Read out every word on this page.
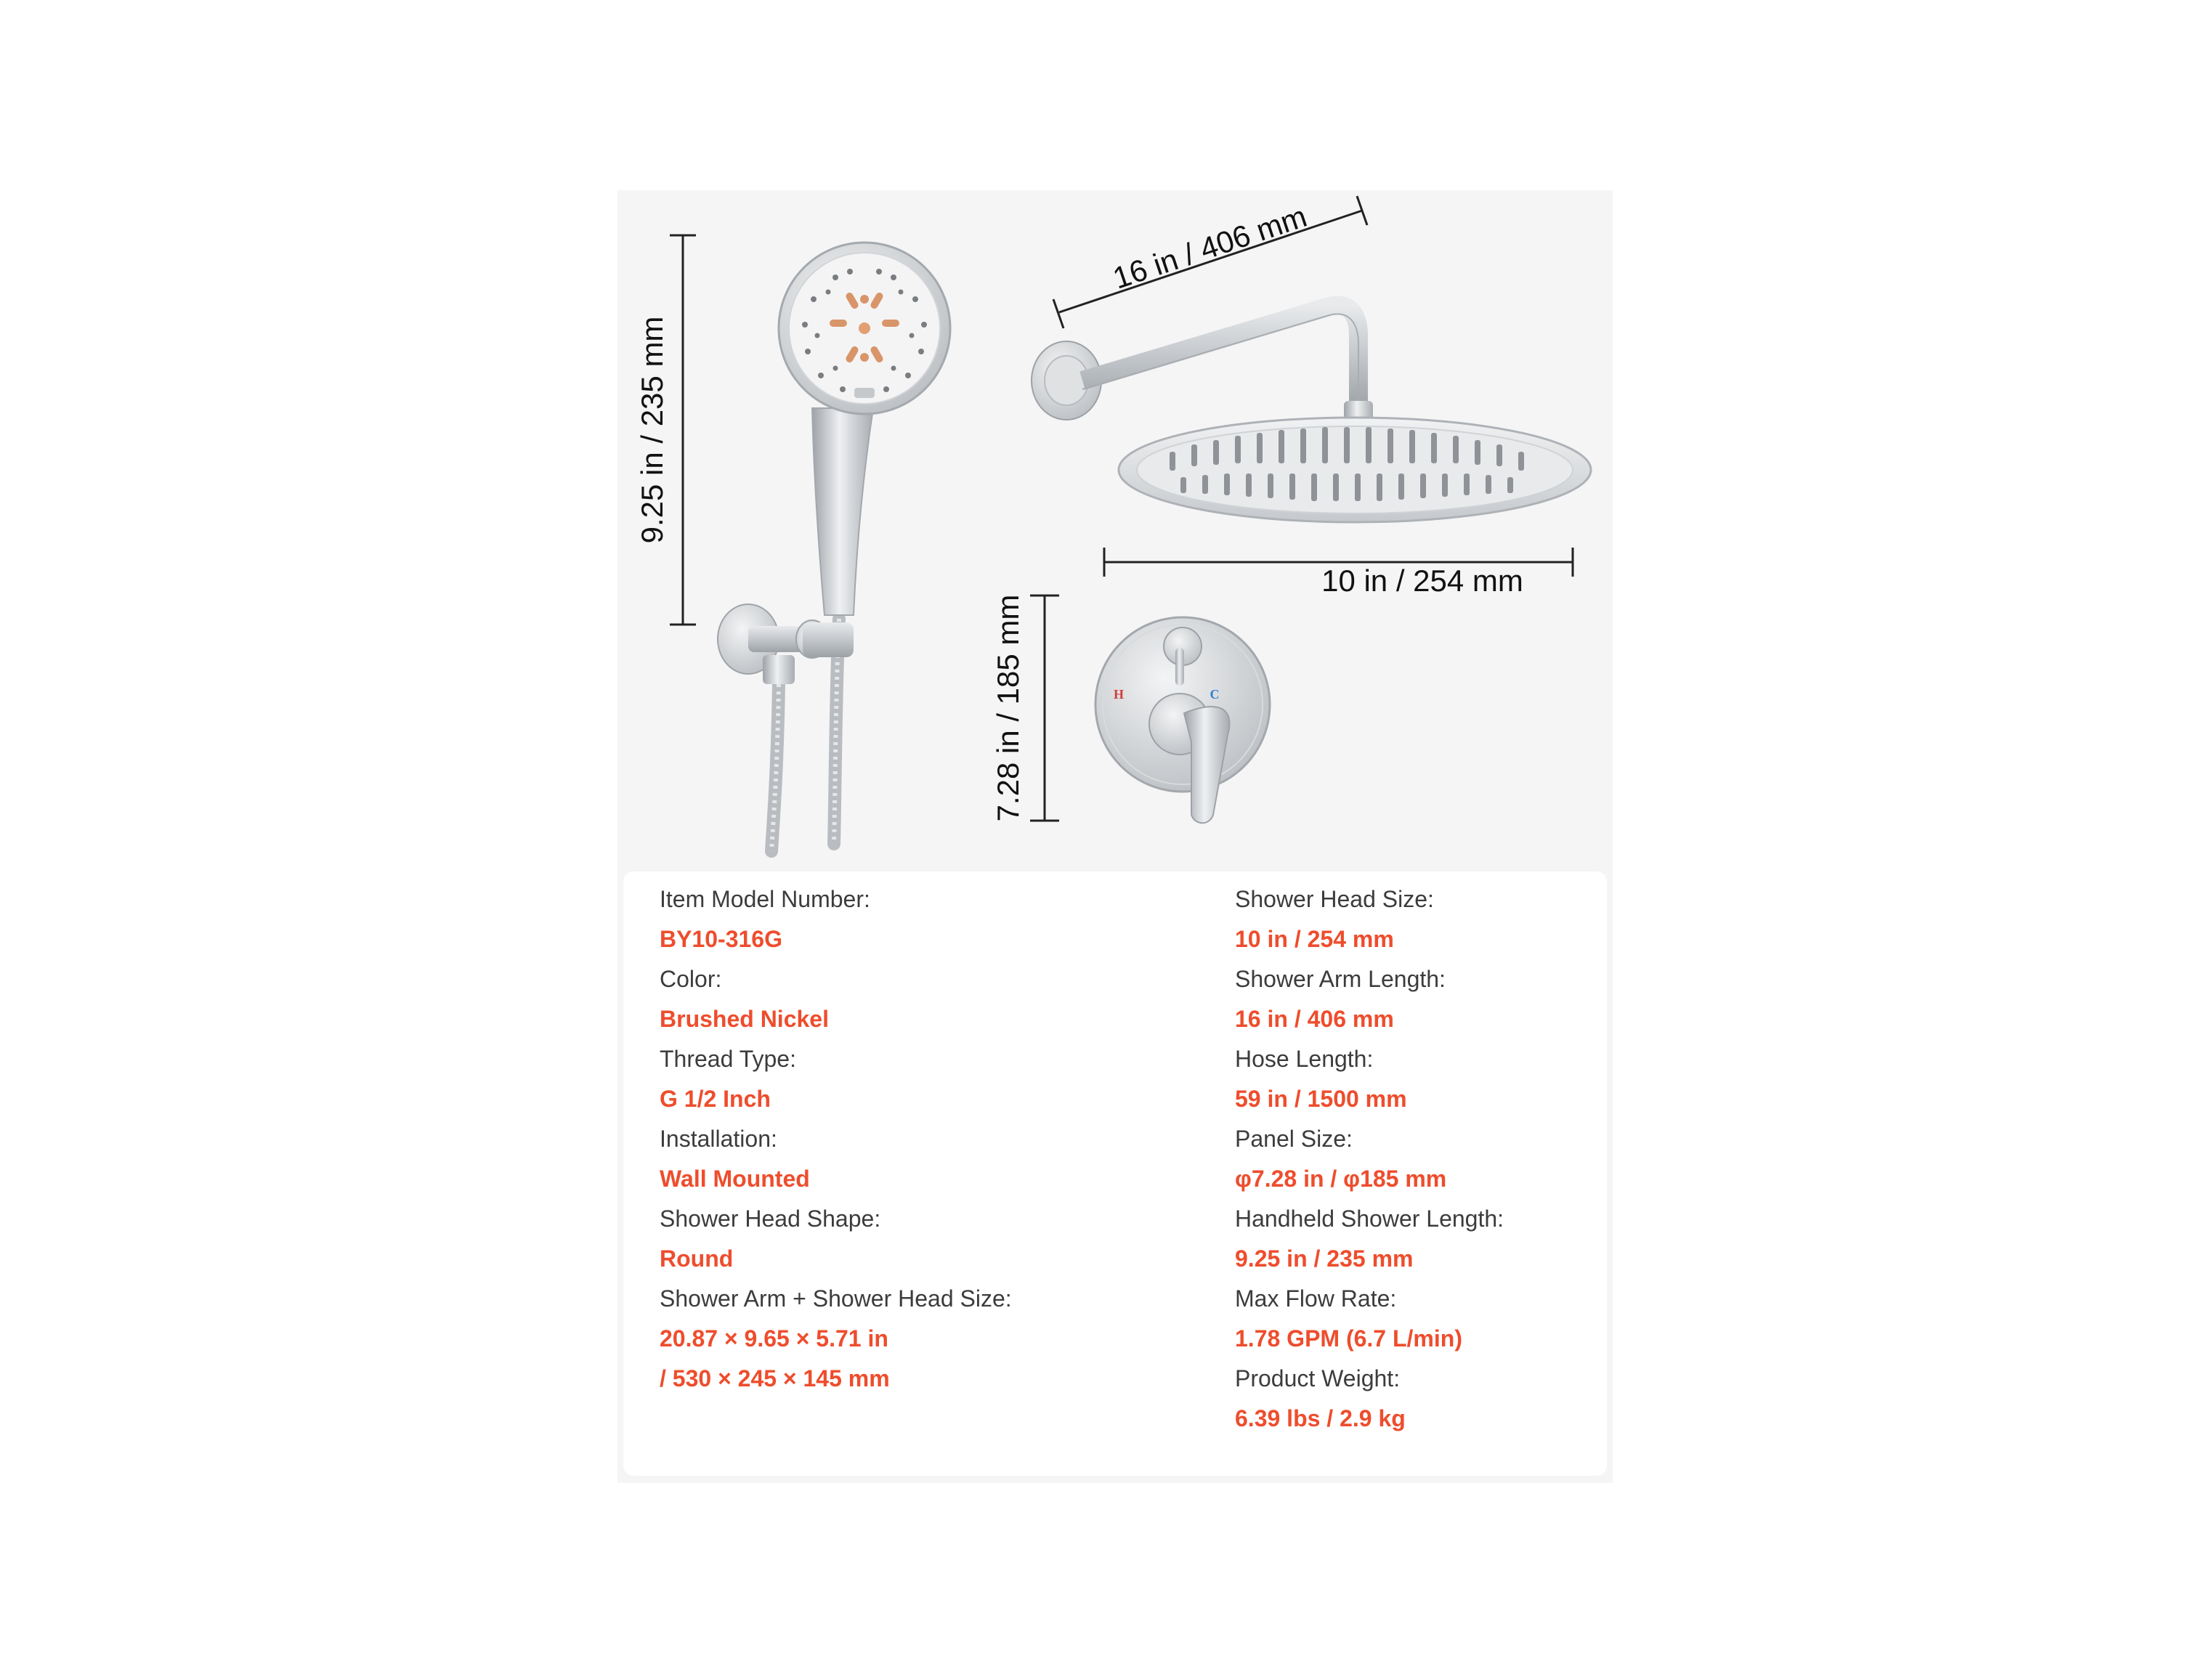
16 in / 406 mm
9.25 in / 235 mm
10 in / 254 mm
7.28 in / 185 mm	H	C
Item Model Number:
BY10-316G
Color:
Brushed Nickel
Thread Type:
G 1/2 Inch
Installation:
Wall Mounted
Shower Head Shape:
Round
Shower Arm + Shower Head Size:
20.87 × 9.65 × 5.71 in
/ 530 × 245 × 145 mm
Shower Head Size:
10 in / 254 mm
Shower Arm Length:
16 in / 406 mm
Hose Length:
59 in / 1500 mm
Panel Size:
φ7.28 in / φ185 mm
Handheld Shower Length:
9.25 in / 235 mm
Max Flow Rate:
1.78 GPM (6.7 L/min)
Product Weight:
6.39 lbs / 2.9 kg
